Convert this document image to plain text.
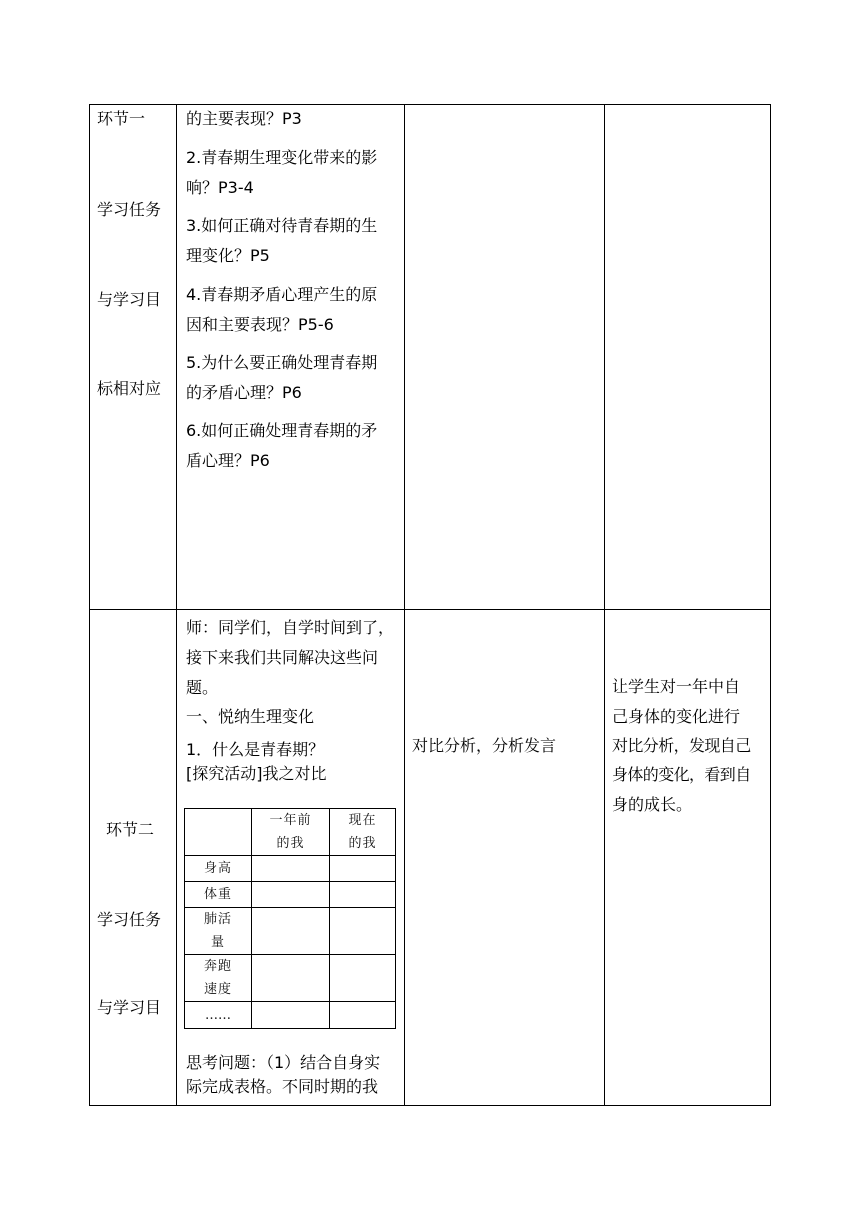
环节一
学习任务
与学习目
标相对应
的主要表现？P3
2.青春期生理变化带来的影
响？P3-4
3.如何正确对待青春期的生
理变化？P5
4.青春期矛盾心理产生的原
因和主要表现？P5-6
5.为什么要正确处理青春期
的矛盾心理？P6
6.如何正确处理青春期的矛
盾心理？P6
环节二
学习任务
与学习目
师：同学们，自学时间到了，
接下来我们共同解决这些问
题。
一、悦纳生理变化
1．什么是青春期？
[探究活动]我之对比
一年前
的我
现在
的我
身高
体重
肺活
量
奔跑
速度
……
思考问题：（1）结合自身实
际完成表格。不同时期的我
对比分析，分析发言
让学生对一年中自
己身体的变化进行
对比分析，发现自己
身体的变化，看到自
身的成长。
